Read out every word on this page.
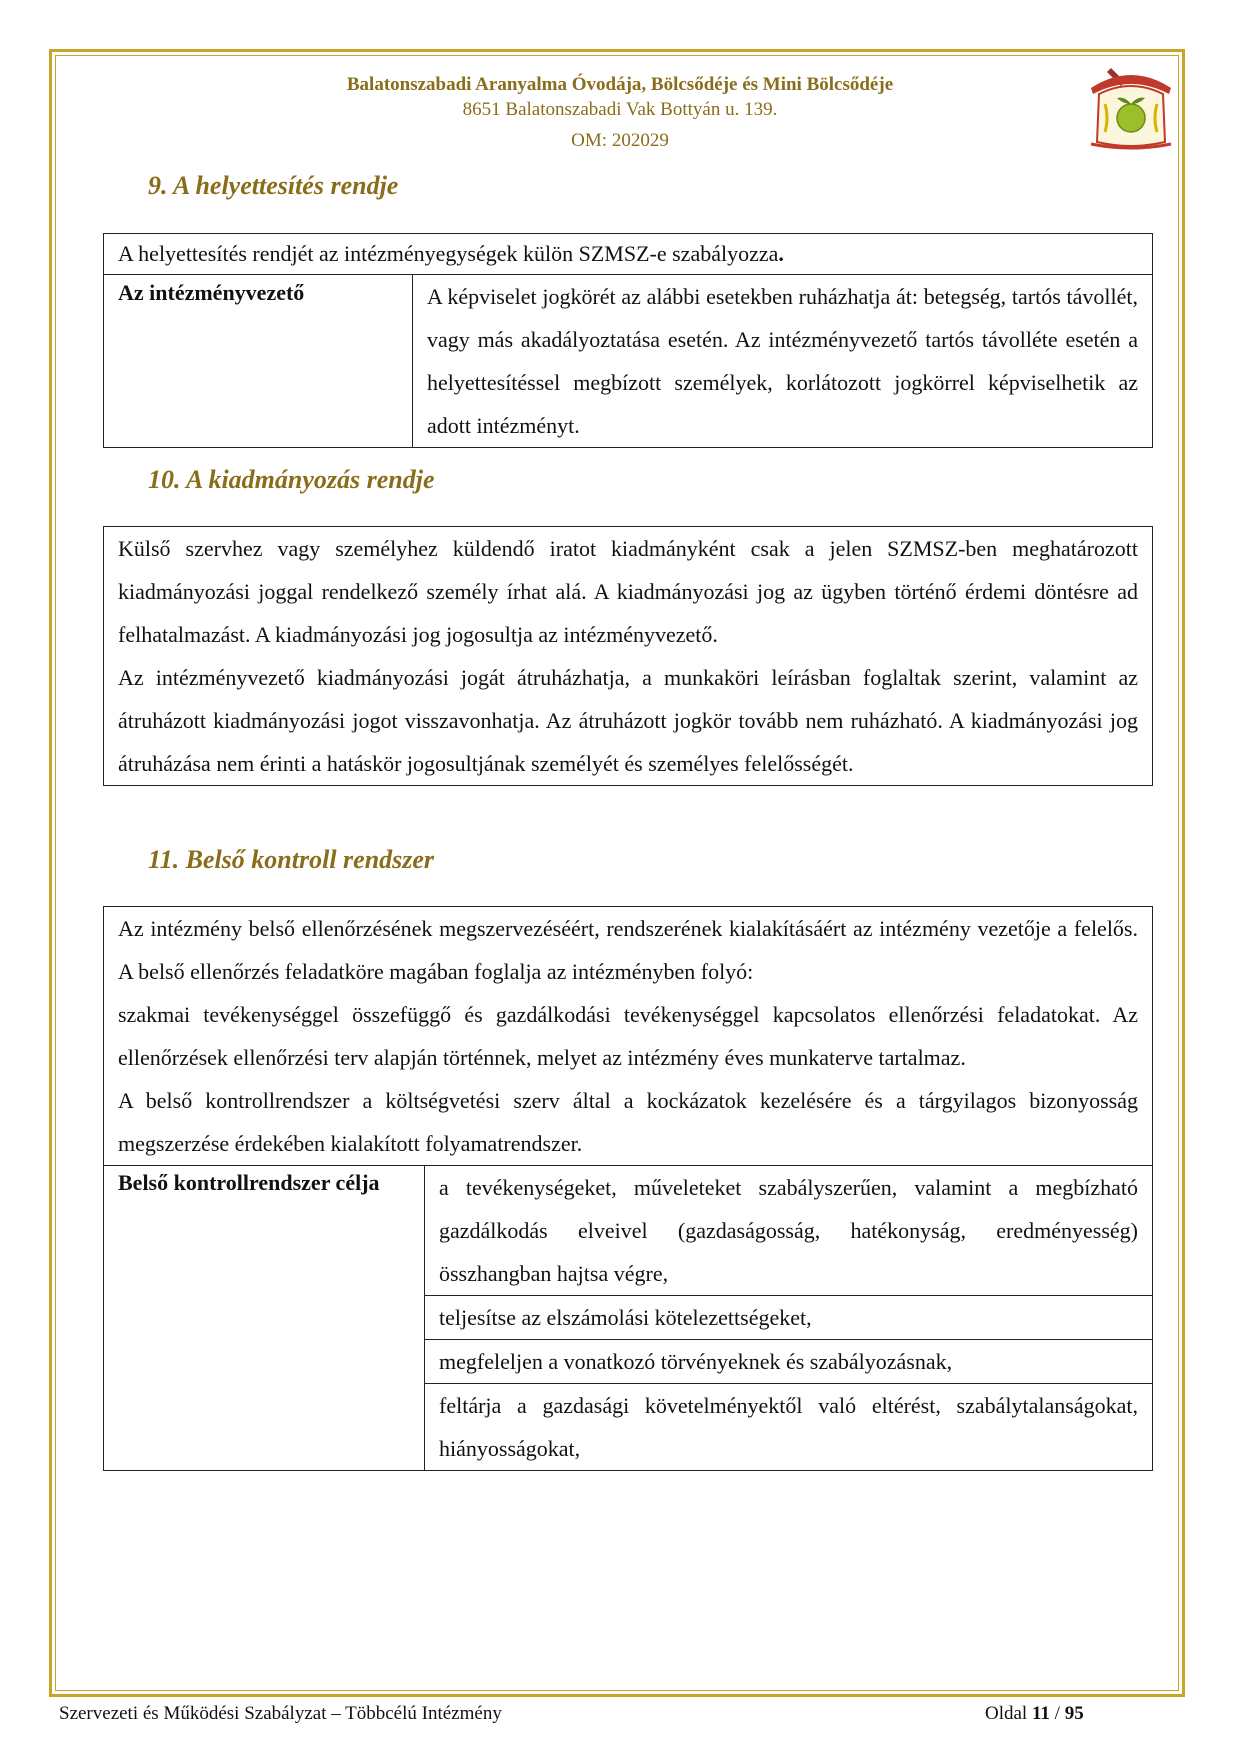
Balatonszabadi Aranyalma Óvodája, Bölcsődéje és Mini Bölcsődéje
8651 Balatonszabadi Vak Bottyán u. 139.
OM: 202029
9. A helyettesítés rendje
A helyettesítés rendjét az intézményegységek külön SZMSZ-e szabályozza.
Az intézményvezető	A képviselet jogkörét az alábbi esetekben ruházhatja át: betegség, tartós távollét, vagy más akadályoztatása esetén. Az intézményvezető tartós távolléte esetén a helyettesítéssel megbízott személyek, korlátozott jogkörrel képviselhetik az adott intézményt.
10. A kiadmányozás rendje
Külső szervhez vagy személyhez küldendő iratot kiadmányként csak a jelen SZMSZ-ben meghatározott kiadmányozási joggal rendelkező személy írhat alá. A kiadmányozási jog az ügyben történő érdemi döntésre ad felhatalmazást. A kiadmányozási jog jogosultja az intézményvezető.
Az intézményvezető kiadmányozási jogát átruházhatja, a munkaköri leírásban foglaltak szerint, valamint az átruházott kiadmányozási jogot visszavonhatja. Az átruházott jogkör tovább nem ruházható. A kiadmányozási jog átruházása nem érinti a hatáskör jogosultjának személyét és személyes felelősségét.
11. Belső kontroll rendszer
Az intézmény belső ellenőrzésének megszervezéséért, rendszerének kialakításáért az intézmény vezetője a felelős. A belső ellenőrzés feladatköre magában foglalja az intézményben folyó:
szakmai tevékenységgel összefüggő és gazdálkodási tevékenységgel kapcsolatos ellenőrzési feladatokat. Az ellenőrzések ellenőrzési terv alapján történnek, melyet az intézmény éves munkaterve tartalmaz.
A belső kontrollrendszer a költségvetési szerv által a kockázatok kezelésére és a tárgyilagos bizonyosság megszerzése érdekében kialakított folyamatrendszer.

Belső kontrollrendszer célja	a tevékenységeket, műveleteket szabályszerűen, valamint a megbízható gazdálkodás elveivel (gazdaságosság, hatékonyság, eredményesség) összhangban hajtsa végre,
teljesítse az elszámolási kötelezettségeket,
megfeleljen a vonatkozó törvényeknek és szabályozásnak,
feltárja a gazdasági követelményektől való eltérést, szabálytalanságokat, hiányosságokat,
Szervezeti és Működési Szabályzat – Többcélú Intézmény	Oldal 11 / 95
